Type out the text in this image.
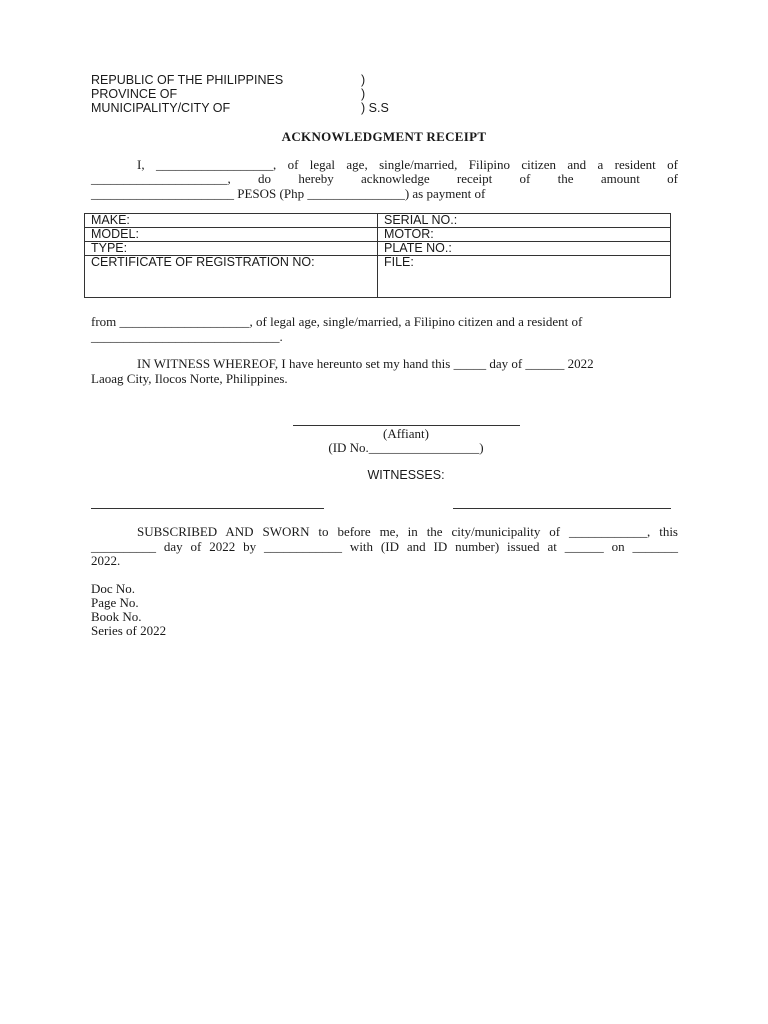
REPUBLIC OF THE PHILIPPINES
PROVINCE OF
MUNICIPALITY/CITY OF
)
)
) S.S
ACKNOWLEDGMENT RECEIPT
I, __________________, of legal age, single/married, Filipino citizen and a resident of
_____________________, do hereby acknowledge receipt of the amount of
______________________ PESOS (Php _______________) as payment of
MAKE:	SERIAL NO.:
MODEL:	MOTOR:
TYPE:	PLATE NO.:
CERTIFICATE OF REGISTRATION NO:	FILE:
from ____________________, of legal age, single/married, a Filipino citizen and a resident of
_____________________________.
IN WITNESS WHEREOF, I have hereunto set my hand this _____ day of ______ 2022
Laoag City, Ilocos Norte, Philippines.
(Affiant)
(ID No._________________)
WITNESSES:
SUBSCRIBED AND SWORN to before me, in the city/municipality of ____________, this
__________ day of 2022 by ____________ with (ID and ID number) issued at ______ on _______
2022.
Doc No.
Page No.
Book No.
Series of 2022
